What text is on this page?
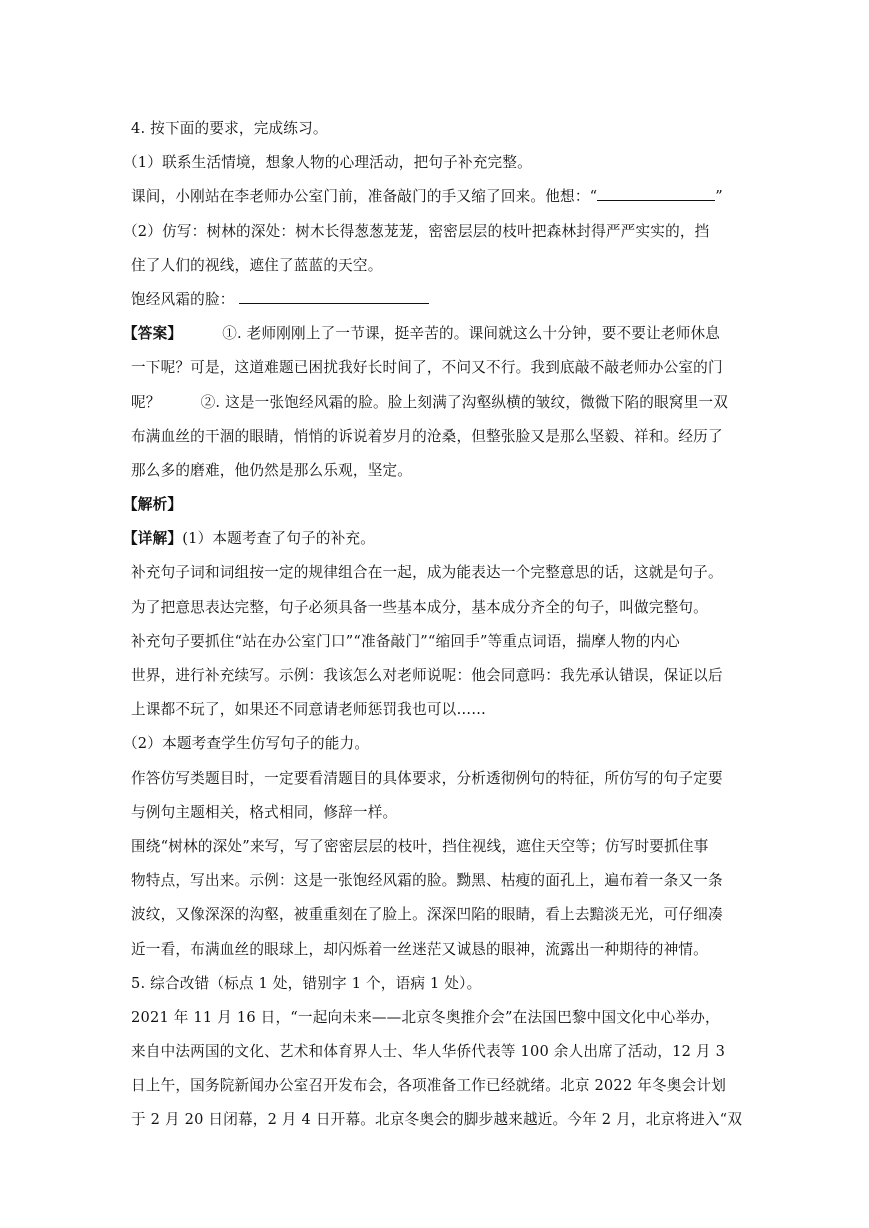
4. 按下面的要求，完成练习。
（1）联系生活情境，想象人物的心理活动，把句子补充完整。
课间，小刚站在李老师办公室门前，准备敲门的手又缩了回来。他想：“	”
（2）仿写：树林的深处：树木长得葱葱茏茏，密密层层的枝叶把森林封得严严实实的，挡
住了人们的视线，遮住了蓝蓝的天空。
饱经风霜的脸：
【答案】	①. 老师刚刚上了一节课，挺辛苦的。课间就这么十分钟，要不要让老师休息
一下呢？可是，这道难题已困扰我好长时间了，不问又不行。我到底敲不敲老师办公室的门
呢？	②. 这是一张饱经风霜的脸。脸上刻满了沟壑纵横的皱纹，微微下陷的眼窝里一双
布满血丝的干涸的眼睛，悄悄的诉说着岁月的沧桑，但整张脸又是那么坚毅、祥和。经历了
那么多的磨难，他仍然是那么乐观，坚定。
【解析】
【详解】(1）本题考查了句子的补充。
补充句子词和词组按一定的规律组合在一起，成为能表达一个完整意思的话，这就是句子。
为了把意思表达完整，句子必须具备一些基本成分，基本成分齐全的句子，叫做完整句。
补充句子要抓住“站在办公室门口”“准备敲门”“缩回手”等重点词语，揣摩人物的内心
世界，进行补充续写。示例：我该怎么对老师说呢：他会同意吗：我先承认错误，保证以后
上课都不玩了，如果还不同意请老师惩罚我也可以……
（2）本题考查学生仿写句子的能力。
作答仿写类题目时，一定要看清题目的具体要求，分析透彻例句的特征，所仿写的句子定要
与例句主题相关，格式相同，修辞一样。
围绕“树林的深处”来写，写了密密层层的枝叶，挡住视线，遮住天空等；仿写时要抓住事
物特点，写出来。示例：这是一张饱经风霜的脸。黝黑、枯瘦的面孔上，遍布着一条又一条
波纹，又像深深的沟壑，被重重刻在了脸上。深深凹陷的眼睛，看上去黯淡无光，可仔细凑
近一看，布满血丝的眼球上，却闪烁着一丝迷茫又诚恳的眼神，流露出一种期待的神情。
5. 综合改错（标点 1 处，错别字 1 个，语病 1 处）。
2021 年 11 月 16 日，“一起向未来——北京冬奥推介会”在法国巴黎中国文化中心举办，
来自中法两国的文化、艺术和体育界人士、华人华侨代表等 100 余人出席了活动，12 月 3
日上午，国务院新闻办公室召开发布会，各项准备工作已经就绪。北京 2022 年冬奥会计划
于 2 月 20 日闭幕，2 月 4 日开幕。北京冬奥会的脚步越来越近。今年 2 月，北京将进入“双
